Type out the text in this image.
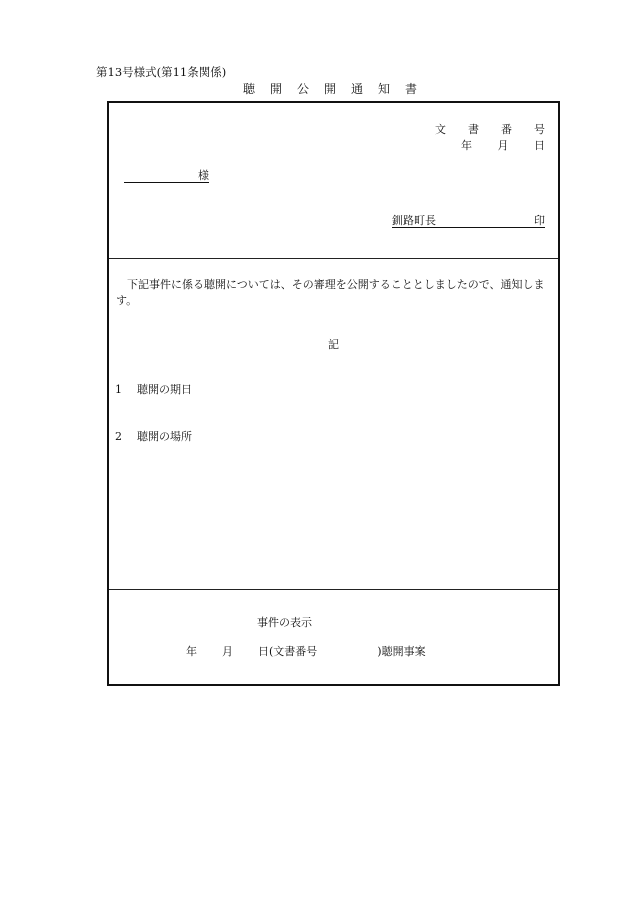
第13号様式(第11条関係)
聴開公開通知書
文書番号
年 月 日
様
釧路町長	印
下記事件に係る聴開については、その審理を公開することとしましたので、通知します。
記
1 聴開の期日
2 聴開の場所
事件の表示
年 月 日(文書番号	)聴開事案
